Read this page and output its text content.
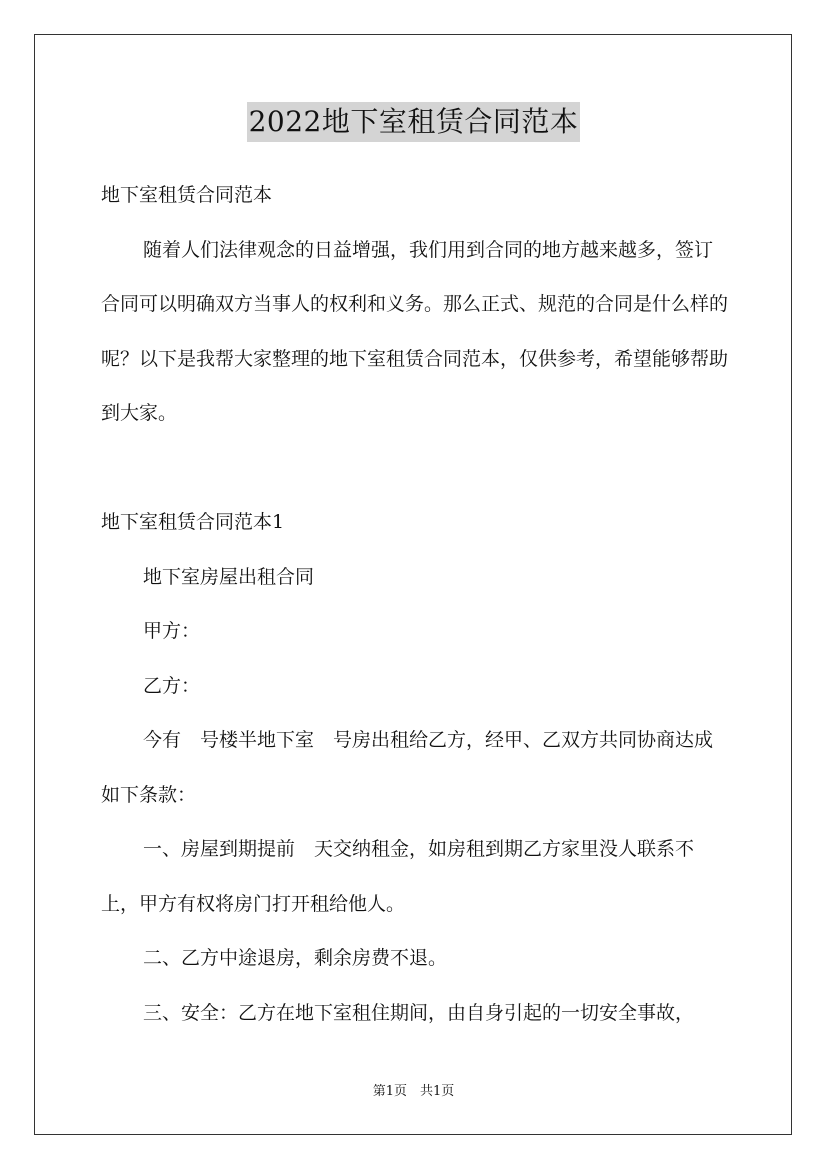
2022地下室租赁合同范本

地下室租赁合同范本

随着人们法律观念的日益增强，我们用到合同的地方越来越多，签订合同可以明确双方当事人的权利和义务。那么正式、规范的合同是什么样的呢？以下是我帮大家整理的地下室租赁合同范本，仅供参考，希望能够帮助到大家。

地下室租赁合同范本1

地下室房屋出租合同

甲方：

乙方：

今有　号楼半地下室　号房出租给乙方，经甲、乙双方共同协商达成如下条款：

一、房屋到期提前　天交纳租金，如房租到期乙方家里没人联系不上，甲方有权将房门打开租给他人。

二、乙方中途退房，剩余房费不退。

三、安全：乙方在地下室租住期间，由自身引起的一切安全事故，

第1页　共1页
